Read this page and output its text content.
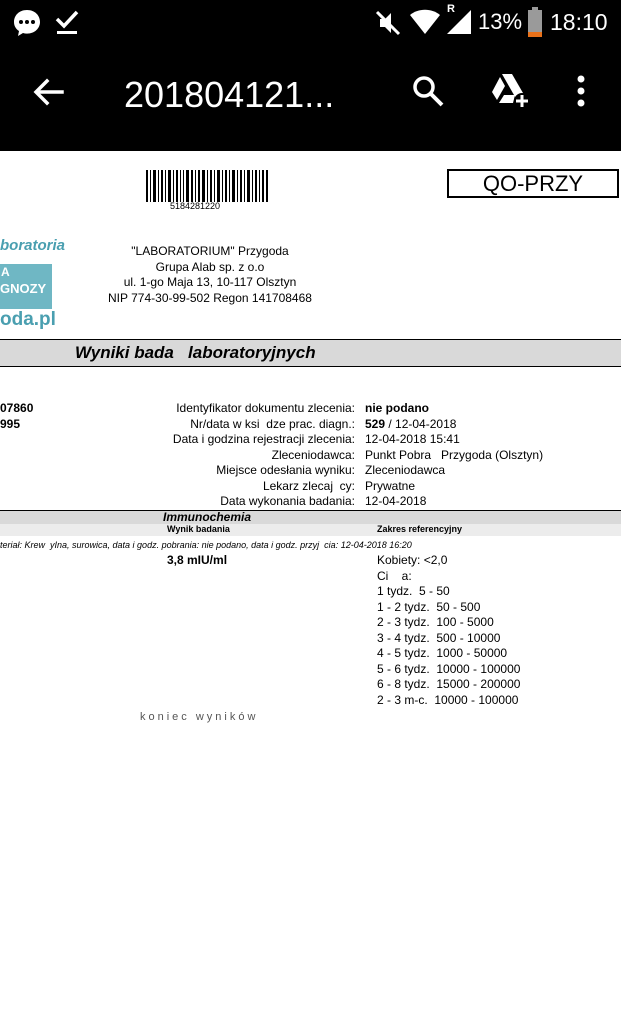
R 13% 18:10
201804121...
5184281220
QO-PRZY
boratoria
A
GNOZY
oda.pl
"LABORATORIUM" Przygoda
Grupa Alab sp. z o.o
ul. 1-go Maja 13, 10-117 Olsztyn
NIP 774-30-99-502 Regon 141708468
Wyniki bada   laboratoryjnych
07860
995
Identyfikator dokumentu zlecenia: nie podano
Nr/data w ksi  dze prac. diagn.: 529 / 12-04-2018
Data i godzina rejestracji zlecenia: 12-04-2018 15:41
Zleceniodawca: Punkt Pobra   Przygoda (Olsztyn)
Miejsce odesłania wyniku: Zleceniodawca
Lekarz zlecaj  cy: Prywatne
Data wykonania badania: 12-04-2018
Immunochemia
Wynik badania	Zakres referencyjny
teriał: Krew  yIna, surowica, data i godz. pobrania: nie podano, data i godz. przyj  cia: 12-04-2018 16:20
3,8 mIU/ml	Kobiety: <2,0
Ci    a:
1 tydz.  5 - 50
1 - 2 tydz.  50 - 500
2 - 3 tydz.  100 - 5000
3 - 4 tydz.  500 - 10000
4 - 5 tydz.  1000 - 50000
5 - 6 tydz.  10000 - 100000
6 - 8 tydz.  15000 - 200000
2 - 3 m-c.  10000 - 100000
koniec wyników
